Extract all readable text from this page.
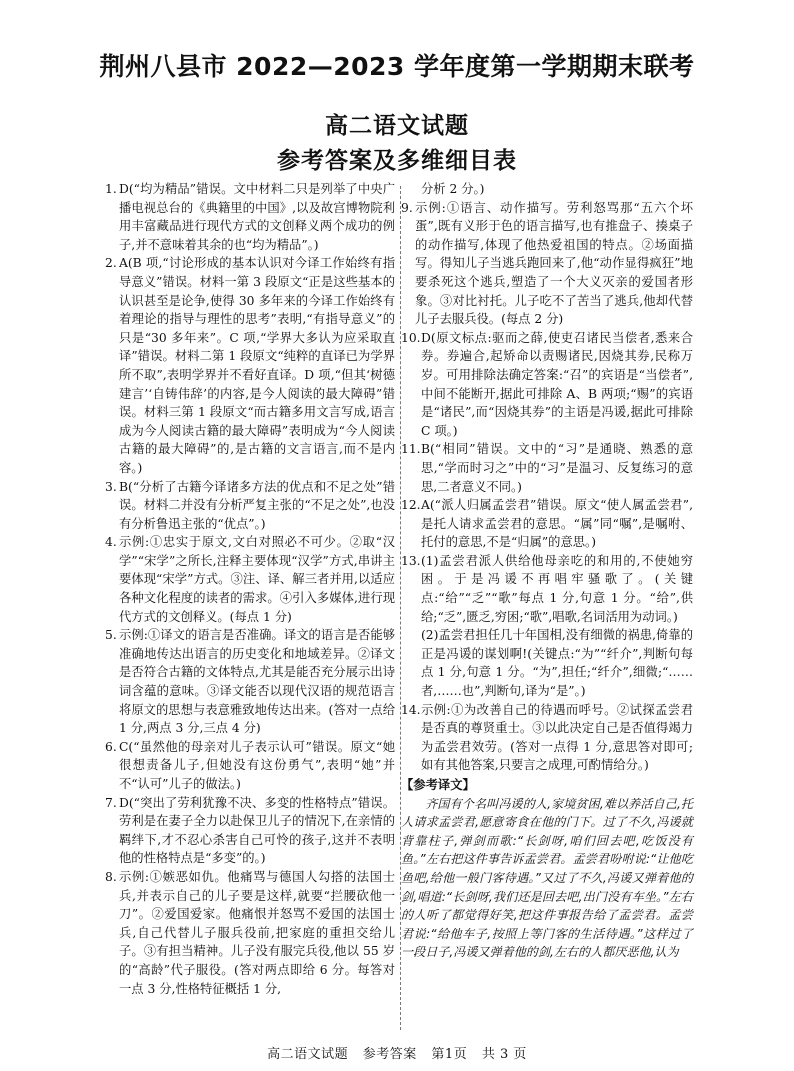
荆州八县市 2022—2023 学年度第一学期期末联考
高二语文试题
参考答案及多维细目表

1. D(“均为精品”错误。文中材料二只是列举了中央广播电视总台的《典籍里的中国》,以及故宫博物院利用丰富藏品进行现代方式的文创释义两个成功的例子,并不意味着其余的也“均为精品”。)

2. A(B 项,“讨论形成的基本认识对今译工作始终有指导意义”错误。材料一第 3 段原文“正是这些基本的认识甚至是论争,使得 30 多年来的今译工作始终有着理论的指导与理性的思考”表明,“有指导意义”的只是“30 多年来”。C 项,“学界大多认为应采取直译”错误。材料二第 1 段原文“纯粹的直译已为学界所不取”,表明学界并不看好直译。D 项,“但其‘树德建言’‘自铸伟辞’的内容,是今人阅读的最大障碍”错误。材料三第 1 段原文“而古籍多用文言写成,语言成为今人阅读古籍的最大障碍”表明成为“今人阅读古籍的最大障碍”的,是古籍的文言语言,而不是内容。)

3. B(“分析了古籍今译诸多方法的优点和不足之处”错误。材料二并没有分析严复主张的“不足之处”,也没有分析鲁迅主张的“优点”。)

4. 示例:①忠实于原文,文白对照必不可少。②取“汉学”“宋学”之所长,注释主要体现“汉学”方式,串讲主要体现“宋学”方式。③注、译、解三者并用,以适应各种文化程度的读者的需求。④引入多媒体,进行现代方式的文创释义。(每点 1 分)

5. 示例:①译文的语言是否准确。译文的语言是否能够准确地传达出语言的历史变化和地域差异。②译文是否符合古籍的文体特点,尤其是能否充分展示出诗词含蕴的意味。③译文能否以现代汉语的规范语言将原文的思想与表意雅致地传达出来。(答对一点给 1 分,两点 3 分,三点 4 分)

6. C(“虽然他的母亲对儿子表示认可”错误。原文“她很想责备儿子,但她没有这份勇气”,表明“她”并不“认可”儿子的做法。)

7. D(“突出了劳利犹豫不决、多变的性格特点”错误。劳利是在妻子全力以赴保卫儿子的情况下,在亲情的羁绊下,才不忍心杀害自己可怜的孩子,这并不表明他的性格特点是“多变”的。)

8. 示例:①嫉恶如仇。他痛骂与德国人勾搭的法国士兵,并表示自己的儿子要是这样,就要“拦腰砍他一刀”。②爱国爱家。他痛恨并怒骂不爱国的法国士兵,自己代替儿子服兵役前,把家庭的重担交给儿子。③有担当精神。儿子没有服完兵役,他以 55 岁的“高龄”代子服役。(答对两点即给 6 分。每答对一点 3 分,性格特征概括 1 分,

分析 2 分。)

9. 示例:①语言、动作描写。劳利怒骂那“五六个坏蛋”,既有义形于色的语言描写,也有推盘子、揍桌子的动作描写,体现了他热爱祖国的特点。②场面描写。得知儿子当逃兵跑回来了,他“动作显得疯狂”地要杀死这个逃兵,塑造了一个大义灭亲的爱国者形象。③对比衬托。儿子吃不了苦当了逃兵,他却代替儿子去服兵役。(每点 2 分)

10. D(原文标点:驱而之薛,使吏召诸民当偿者,悉来合券。券遍合,起矫命以责赐诸民,因烧其券,民称万岁。可用排除法确定答案:“召”的宾语是“当偿者”,中间不能断开,据此可排除 A、B 两项;“赐”的宾语是“诸民”,而“因烧其券”的主语是冯谖,据此可排除 C 项。)

11. B(“相同”错误。文中的“习”是通晓、熟悉的意思,“学而时习之”中的“习”是温习、反复练习的意思,二者意义不同。)

12. A(“派人归属孟尝君”错误。原文“使人属孟尝君”,是托人请求孟尝君的意思。“属”同“嘱”,是嘱咐、托付的意思,不是“归属”的意思。)

13. (1)孟尝君派人供给他母亲吃的和用的,不使她穷困。于是冯谖不再唱牢骚歌了。(关键点:“给”“乏”“歌”每点 1 分,句意 1 分。“给”,供给;“乏”,匮乏,穷困;“歌”,唱歌,名词活用为动词。)
(2)孟尝君担任几十年国相,没有细微的祸患,倚靠的正是冯谖的谋划啊!(关键点:“为”“纤介”,判断句每点 1 分,句意 1 分。“为”,担任;“纤介”,细微;“……者,……也”,判断句,译为“是”。)

14. 示例:①为改善自己的待遇而呼号。②试探孟尝君是否真的尊贤重士。③以此决定自己是否值得竭力为孟尝君效劳。(答对一点得 1 分,意思答对即可;如有其他答案,只要言之成理,可酌情给分。)

【参考译文】

齐国有个名叫冯谖的人,家境贫困,难以养活自己,托人请求孟尝君,愿意寄食在他的门下。过了不久,冯谖就背靠柱子,弹剑而歌:“长剑呀,咱们回去吧,吃饭没有鱼。”左右把这件事告诉孟尝君。孟尝君吩咐说:“让他吃鱼吧,给他一般门客待遇。”又过了不久,冯谖又弹着他的剑,唱道:“长剑呀,我们还是回去吧,出门没有车坐。”左右的人听了都觉得好笑,把这件事报告给了孟尝君。孟尝君说:“给他车子,按照上等门客的生活待遇。”这样过了一段日子,冯谖又弹着他的剑,左右的人都厌恶他,认为

高二语文试题 参考答案 第1页 共 3 页
